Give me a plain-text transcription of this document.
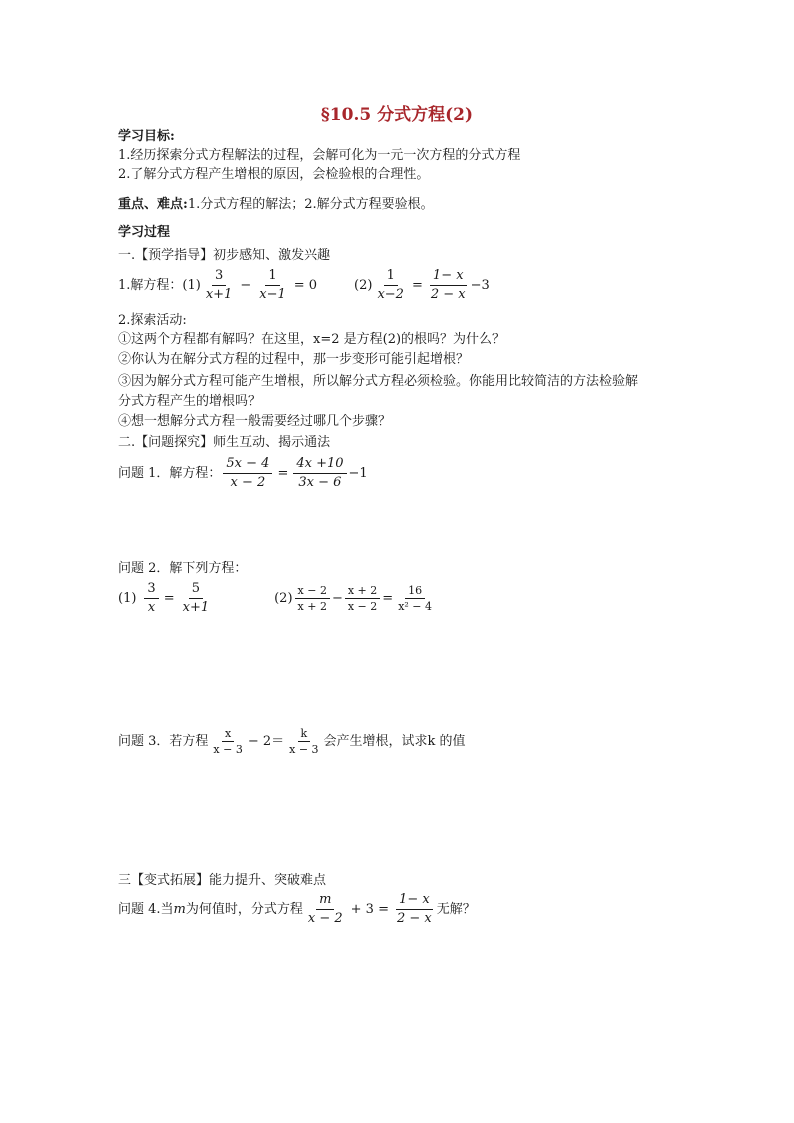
§10.5 分式方程(2)
学习目标:
1.经历探索分式方程解法的过程，会解可化为一元一次方程的分式方程
2.了解分式方程产生增根的原因，会检验根的合理性。
重点、难点:1.分式方程的解法；2.解分式方程要验根。
学习过程
一.【预学指导】初步感知、激发兴趣
1.解方程： $(1) \frac{3}{x+1} - \frac{1}{x-1} = 0$	$(2) \frac{1}{x-2} = \frac{1- x}{2 - x} -3$
2.探索活动:
①这两个方程都有解吗？在这里，x=2 是方程(2)的根吗？为什么？
②你认为在解分式方程的过程中，那一步变形可能引起增根？
③因为解分式方程可能产生增根，所以解分式方程必须检验。你能用比较简洁的方法检验解
分式方程产生的增根吗？
④想一想解分式方程一般需要经过哪几个步骤？
二.【问题探究】师生互动、揭示通法
问题 1．解方程： $\frac{5x - 4}{x - 2} = \frac{4x +10}{3x - 6} -1$
问题 2．解下列方程：
$(1) \frac{3}{x} = \frac{5}{x+1}$	$(2) \frac{x - 2}{x + 2} - \frac{x + 2}{x - 2} = \frac{16}{\text{x² − 4}}$
问题 3．若方程 $\frac{x}{x - 3} - 2= \frac{k}{x - 3}$ 会产生增根，试求k 的值
三【变式拓展】能力提升、突破难点
问题 4.当 m 为何值时，分式方程 $\frac{m}{x - 2} + 3 = \frac{1- x}{2 - x}$ 无解？
